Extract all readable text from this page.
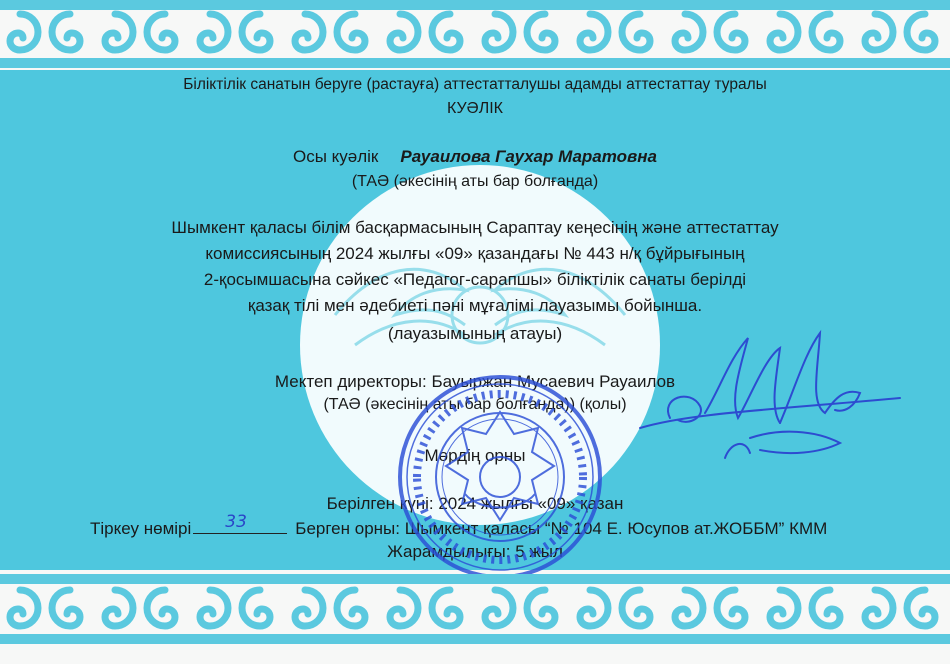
Біліктілік санатын беруге (растауға) аттестатталушы адамды аттестаттау туралы
КУӘЛІК
Осы куәлік Рауаилова Гаухар Маратовна
(ТАӘ (әкесінің аты бар болғанда)
Шымкент қаласы білім басқармасының Сараптау кеңесінің және аттестаттау
комиссиясының 2024 жылғы «09» қазандағы № 443 н/қ бұйрығының
2-қосымшасына сәйкес «Педагог-сарапшы» біліктілік санаты берілді
қазақ тілі мен әдебиеті пәні мұғалімі лауазымы бойынша.
(лауазымының атауы)
Мектеп директоры: Бауыржан Мусаевич Рауаилов
(ТАӘ (әкесінің аты бар болғанда)) (қолы)
Мөрдің орны
Берілген күні: 2024 жылғы «09» қазан
Тіркеу нөмірі 33	Берген орны: Шымкент қаласы “№ 104 Е. Юсупов ат.ЖОББМ” КММ
Жарамдылығы: 5 жыл
